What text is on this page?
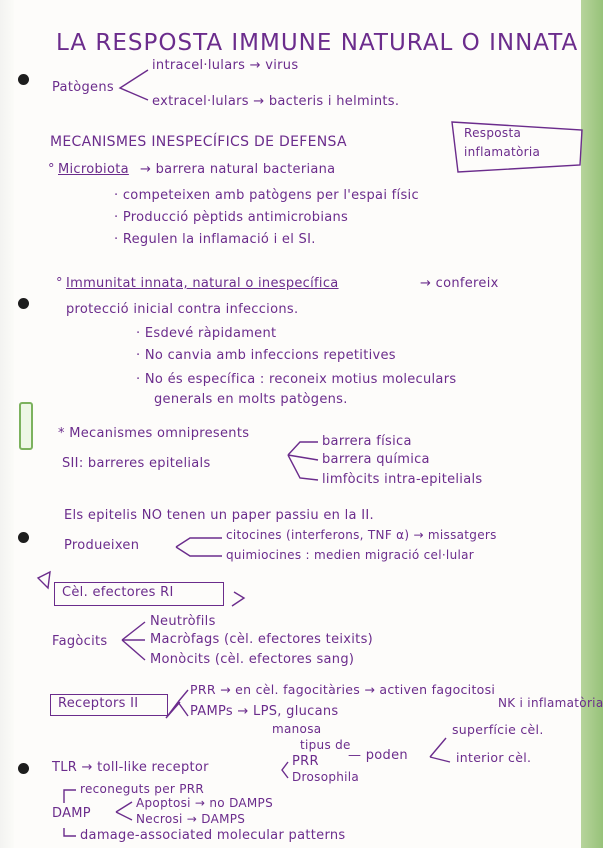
LA RESPOSTA IMMUNE NATURAL O INNATA
Patògens
intracel·lulars → virus
extracel·lulars → bacteris i helmints.
MECANISMES INESPECÍFICS DE DEFENSA
Resposta
inflamatòria
° Microbiota → barrera natural bacteriana
· competeixen amb patògens per l'espai físic
· Producció pèptids antimicrobians
· Regulen la inflamació i el SI.
° Immunitat innata, natural o inespecífica	→ confereix
protecció inicial contra infeccions.
· Esdevé ràpidament
· No canvia amb infeccions repetitives
· No és específica : reconeix motius moleculars
generals en molts patògens.
* Mecanismes omnipresents
SII: barreres epitelials
barrera física
barrera química
limfòcits intra-epitelials
Els epitelis NO tenen un paper passiu en la II.
Produeixen
citocines (interferons, TNF α) → missatgers
quimiocines : medien migració cel·lular
Cèl. efectores RI
Fagòcits
Neutròfils
Macròfags (cèl. efectores teixits)
Monòcits (cèl. efectores sang)
Receptors II
PRR → en cèl. fagocitàries → activen fagocitosi
NK i inflamatòria
PAMPs → LPS, glucans
manosa
tipus de
TLR → toll-like receptor	PRR
Drosophila
— poden
superfície cèl.
interior cèl.
reconeguts per PRR
DAMP
Apoptosi → no DAMPS
Necrosi → DAMPS
damage-associated molecular patterns
